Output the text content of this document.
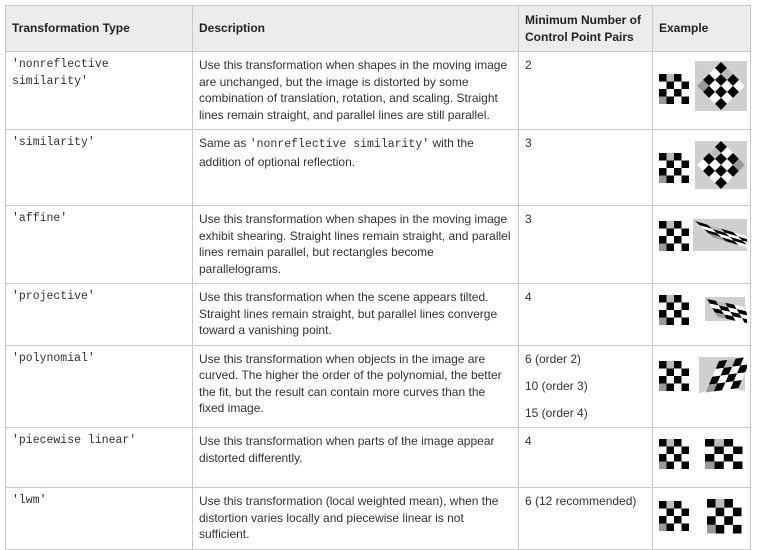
Transformation Type	Description	Minimum Number of Control Point Pairs	Example
'nonreflective similarity'	Use this transformation when shapes in the moving image are unchanged, but the image is distorted by some combination of translation, rotation, and scaling. Straight lines remain straight, and parallel lines are still parallel.	2

'similarity'	Same as 'nonreflective similarity' with the addition of optional reflection.	3

'affine'	Use this transformation when shapes in the moving image exhibit shearing. Straight lines remain straight, and parallel lines remain parallel, but rectangles become parallelograms.	3

'projective'	Use this transformation when the scene appears tilted. Straight lines remain straight, but parallel lines converge toward a vanishing point.	4

'polynomial'	Use this transformation when objects in the image are curved. The higher the order of the polynomial, the better the fit, but the result can contain more curves than the fixed image.	6 (order 2)
10 (order 3)
15 (order 4)

'piecewise linear'	Use this transformation when parts of the image appear distorted differently.	4

'lwm'	Use this transformation (local weighted mean), when the distortion varies locally and piecewise linear is not sufficient.	6 (12 recommended)
